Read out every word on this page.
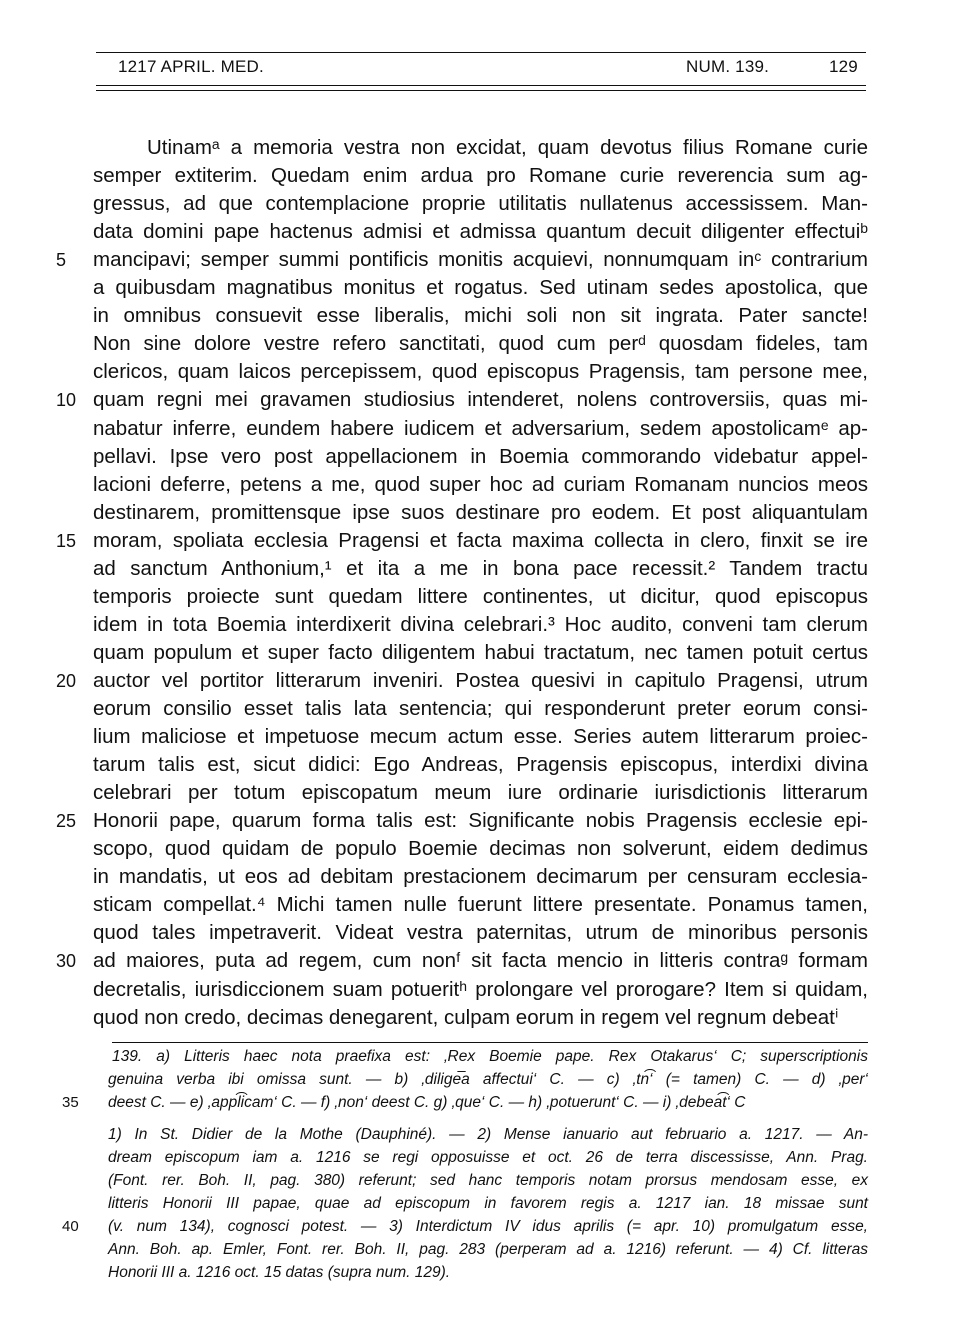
1217 APRIL. MED.	NUM. 139.	129
Utinamᵃ a memoria vestra non excidat, quam devotus filius Romane curie
semper extiterim. Quedam enim ardua pro Romane curie reverencia sum ag-
gressus, ad que contemplacione proprie utilitatis nullatenus accessissem. Man-
data domini pape hactenus admisi et admissa quantum decuit diligenter effectuiᵇ
mancipavi; semper summi pontificis monitis acquievi, nonnumquam inᶜ contrarium
a quibusdam magnatibus monitus et rogatus. Sed utinam sedes apostolica, que
in omnibus consuevit esse liberalis, michi soli non sit ingrata. Pater sancte!
Non sine dolore vestre refero sanctitati, quod cum perᵈ quosdam fideles, tam
clericos, quam laicos percepissem, quod episcopus Pragensis, tam persone mee,
quam regni mei gravamen studiosius intenderet, nolens controversiis, quas mi-
nabatur inferre, eundem habere iudicem et adversarium, sedem apostolicamᵉ ap-
pellavi. Ipse vero post appellacionem in Boemia commorando videbatur appel-
lacioni deferre, petens a me, quod super hoc ad curiam Romanam nuncios meos
destinarem, promittensque ipse suos destinare pro eodem. Et post aliquantulam
moram, spoliata ecclesia Pragensi et facta maxima collecta in clero, finxit se ire
ad sanctum Anthonium,¹ et ita a me in bona pace recessit.² Tandem tractu
temporis proiecte sunt quedam littere continentes, ut dicitur, quod episcopus
idem in tota Boemia interdixerit divina celebrari.³ Hoc audito, conveni tam clerum
quam populum et super facto diligentem habui tractatum, nec tamen potuit certus
auctor vel portitor litterarum inveniri. Postea quesivi in capitulo Pragensi, utrum
eorum consilio esset talis lata sentencia; qui responderunt preter eorum consi-
lium maliciose et impetuose mecum actum esse. Series autem litterarum proiec-
tarum talis est, sicut didici: Ego Andreas, Pragensis episcopus, interdixi divina
celebrari per totum episcopatum meum iure ordinarie iurisdictionis litterarum
Honorii pape, quarum forma talis est: Significante nobis Pragensis ecclesie epi-
scopo, quod quidam de populo Boemie decimas non solverunt, eidem dedimus
in mandatis, ut eos ad debitam prestacionem decimarum per censuram ecclesia-
sticam compellat.⁴ Michi tamen nulle fuerunt littere presentate. Ponamus tamen,
quod tales impetraverit. Videat vestra paternitas, utrum de minoribus personis
ad maiores, puta ad regem, cum nonᶠ sit facta mencio in litteris contraᵍ formam
decretalis, iurisdiccionem suam potueritʰ prolongare vel prorogare? Item si quidam,
quod non credo, decimas denegarent, culpam eorum in regem vel regnum debeatⁱ
5
10
15
20
25
30
139. a) Litteris haec nota praefixa est: ‚Rex Boemie pape. Rex Otakarus‘ C; superscriptionis
genuina verba ibi omissa sunt. — b) ‚dilige͞a affectui‘ C. — c) ‚tn͡‘ (= tamen) C. — d) ‚per‘
deest C. — e) ‚appl͡icam‘ C. — f) ‚non‘ deest C. g) ‚que‘ C. — h) ‚potuerunt‘ C. — i) ‚debea͡t‘ C
1) In St. Didier de la Mothe (Dauphiné). — 2) Mense ianuario aut februario a. 1217. — An-
dream episcopum iam a. 1216 se regi opposuisse et oct. 26 de terra discessisse, Ann. Prag.
(Font. rer. Boh. II, pag. 380) referunt; sed hanc temporis notam prorsus mendosam esse, ex
litteris Honorii III papae, quae ad episcopum in favorem regis a. 1217 ian. 18 missae sunt
(v. num 134), cognosci potest. — 3) Interdictum IV idus aprilis (= apr. 10) promulgatum esse,
Ann. Boh. ap. Emler, Font. rer. Boh. II, pag. 283 (perperam ad a. 1216) referunt. — 4) Cf. litteras
Honorii III a. 1216 oct. 15 datas (supra num. 129).
35
40
